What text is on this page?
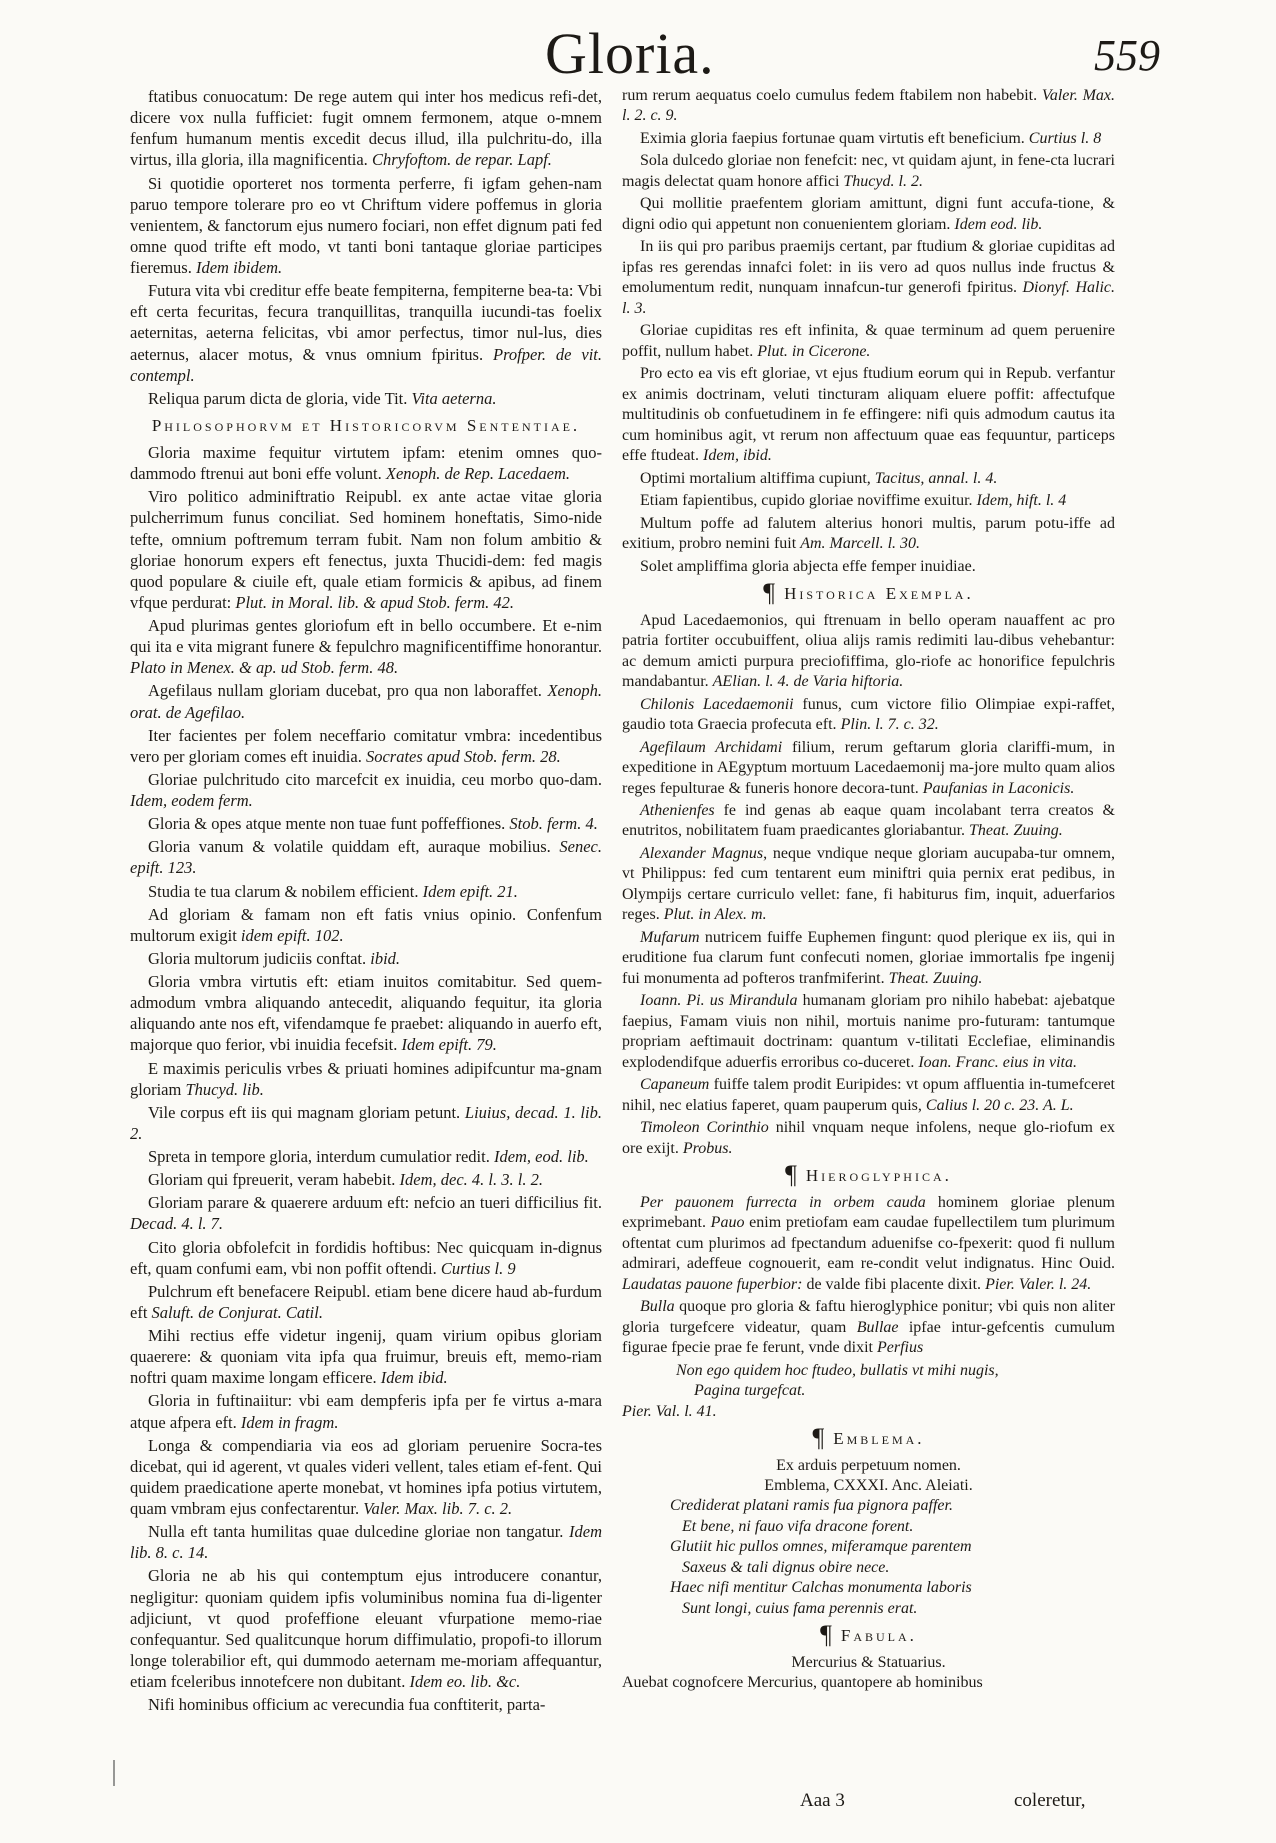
Gloria.	559

ftatibus conuocatum: De rege autem qui inter hos medicus refi-det, dicere vox nulla fufficiet: fugit omnem fermonem, atque o-mnem fenfum humanum mentis excedit decus illud, illa pulchritu-do, illa virtus, illa gloria, illa magnificentia. Chryfoftom. de repar. Lapf.

Si quotidie oporteret nos tormenta perferre, fi igfam gehen-nam paruo tempore tolerare pro eo vt Chriftum videre poffemus in gloria venientem, & fanctorum ejus numero fociari, non effet dignum pati fed omne quod trifte eft modo, vt tanti boni tantaque gloriae participes fieremus. Idem ibidem.

Futura vita vbi creditur effe beate fempiterna, fempiterne bea-ta: Vbi eft certa fecuritas, fecura tranquillitas, tranquilla iucundi-tas foelix aeternitas, aeterna felicitas, vbi amor perfectus, timor nul-lus, dies aeternus, alacer motus, & vnus omnium fpiritus. Profper. de vit. contempl.

Reliqua parum dicta de gloria, vide Tit. Vita aeterna.

Philosophorvm et Historicorvm Sententiae.

Gloria maxime fequitur virtutem ipfam: etenim omnes quo-dammodo ftrenui aut boni effe volunt. Xenoph. de Rep. Lacedaem.

Viro politico adminiftratio Reipubl. ex ante actae vitae gloria pulcherrimum funus conciliat. Sed hominem honeftatis, Simo-nide tefte, omnium poftremum terram fubit. Nam non folum ambitio & gloriae honorum expers eft fenectus, juxta Thucidi-dem: fed magis quod populare & ciuile eft, quale etiam formicis & apibus, ad finem vfque perdurat: Plut. in Moral. lib. & apud Stob. ferm. 42.

Apud plurimas gentes gloriofum eft in bello occumbere. Et e-nim qui ita e vita migrant funere & fepulchro magnificentiffime honorantur. Plato in Menex. & ap. ud Stob. ferm. 48.

Agefilaus nullam gloriam ducebat, pro qua non laboraffet. Xenoph. orat. de Agefilao.

Iter facientes per folem neceffario comitatur vmbra: incedentibus vero per gloriam comes eft inuidia. Socrates apud Stob. ferm. 28.

Gloriae pulchritudo cito marcefcit ex inuidia, ceu morbo quo-dam. Idem, eodem ferm.

Gloria & opes atque mente non tuae funt poffeffiones. Stob. ferm. 4.

Gloria vanum & volatile quiddam eft, auraque mobilius. Senec. epift. 123.

Studia te tua clarum & nobilem efficient. Idem epift. 21.

Ad gloriam & famam non eft fatis vnius opinio. Confenfum multorum exigit idem epift. 102.

Gloria multorum judiciis conftat. ibid.

Gloria vmbra virtutis eft: etiam inuitos comitabitur. Sed quem-admodum vmbra aliquando antecedit, aliquando fequitur, ita gloria aliquando ante nos eft, vifendamque fe praebet: aliquando in auerfo eft, majorque quo ferior, vbi inuidia fecefsit. Idem epift. 79.

E maximis periculis vrbes & priuati homines adipifcuntur ma-gnam gloriam Thucyd. lib.

Vile corpus eft iis qui magnam gloriam petunt. Liuius, decad. 1. lib. 2.

Spreta in tempore gloria, interdum cumulatior redit. Idem, eod. lib.

Gloriam qui fpreuerit, veram habebit. Idem, dec. 4. l. 3. l. 2.

Gloriam parare & quaerere arduum eft: nefcio an tueri difficilius fit. Decad. 4. l. 7.

Cito gloria obfolefcit in fordidis hoftibus: Nec quicquam in-dignus eft, quam confumi eam, vbi non poffit oftendi. Curtius l. 9

Pulchrum eft benefacere Reipubl. etiam bene dicere haud ab-furdum eft Saluft. de Conjurat. Catil.

Mihi rectius effe videtur ingenij, quam virium opibus gloriam quaerere: & quoniam vita ipfa qua fruimur, breuis eft, memo-riam noftri quam maxime longam efficere. Idem ibid.

Gloria in fuftinaiitur: vbi eam dempferis ipfa per fe virtus a-mara atque afpera eft. Idem in fragm.

Longa & compendiaria via eos ad gloriam peruenire Socra-tes dicebat, qui id agerent, vt quales videri vellent, tales etiam ef-fent. Qui quidem praedicatione aperte monebat, vt homines ipfa potius virtutem, quam vmbram ejus confectarentur. Valer. Max. lib. 7. c. 2.

Nulla eft tanta humilitas quae dulcedine gloriae non tangatur. Idem lib. 8. c. 14.

Gloria ne ab his qui contemptum ejus introducere conantur, negligitur: quoniam quidem ipfis voluminibus nomina fua di-ligenter adjiciunt, vt quod profeffione eleuant vfurpatione memo-riae confequantur. Sed qualitcunque horum diffimulatio, propofi-to illorum longe tolerabilior eft, qui dummodo aeternam me-moriam affequantur, etiam fceleribus innotefcere non dubitant. Idem eo. lib. &c.

Nifi hominibus officium ac verecundia fua conftiterit, parta-

rum rerum aequatus coelo cumulus fedem ftabilem non habebit. Valer. Max. l. 2. c. 9.

Eximia gloria faepius fortunae quam virtutis eft beneficium. Curtius l. 8

Sola dulcedo gloriae non fenefcit: nec, vt quidam ajunt, in fene-cta lucrari magis delectat quam honore affici Thucyd. l. 2.

Qui mollitie praefentem gloriam amittunt, digni funt accufa-tione, & digni odio qui appetunt non conuenientem gloriam. Idem eod. lib.

In iis qui pro paribus praemijs certant, par ftudium & gloriae cupiditas ad ipfas res gerendas innafci folet: in iis vero ad quos nullus inde fructus & emolumentum redit, nunquam innafcun-tur generofi fpiritus. Dionyf. Halic. l. 3.

Gloriae cupiditas res eft infinita, & quae terminum ad quem peruenire poffit, nullum habet. Plut. in Cicerone.

Pro ecto ea vis eft gloriae, vt ejus ftudium eorum qui in Repub. verfantur ex animis doctrinam, veluti tincturam aliquam eluere poffit: affectufque multitudinis ob confuetudinem in fe effingere: nifi quis admodum cautus ita cum hominibus agit, vt rerum non affectuum quae eas fequuntur, particeps effe ftudeat. Idem, ibid.

Optimi mortalium altiffima cupiunt, Tacitus, annal. l. 4.

Etiam fapientibus, cupido gloriae noviffime exuitur. Idem, hift. l. 4

Multum poffe ad falutem alterius honori multis, parum potu-iffe ad exitium, probro nemini fuit Am. Marcell. l. 30.

Solet ampliffima gloria abjecta effe femper inuidiae.

¶ Historica Exempla.

Apud Lacedaemonios, qui ftrenuam in bello operam nauaffent ac pro patria fortiter occubuiffent, oliua alijs ramis redimiti lau-dibus vehebantur: ac demum amicti purpura preciofiffima, glo-riofe ac honorifice fepulchris mandabantur. AElian. l. 4. de Varia hiftoria.

Chilonis Lacedaemonii funus, cum victore filio Olimpiae expi-raffet, gaudio tota Graecia profecuta eft. Plin. l. 7. c. 32.

Agefilaum Archidami filium, rerum geftarum gloria clariffi-mum, in expeditione in AEgyptum mortuum Lacedaemonij ma-jore multo quam alios reges fepulturae & funeris honore decora-tunt. Paufanias in Laconicis.

Athenienfes fe ind genas ab eaque quam incolabant terra creatos & enutritos, nobilitatem fuam praedicantes gloriabantur. Theat. Zuuing.

Alexander Magnus, neque vndique neque gloriam aucupaba-tur omnem, vt Philippus: fed cum tentarent eum miniftri quia pernix erat pedibus, in Olympijs certare curriculo vellet: fane, fi habiturus fim, inquit, aduerfarios reges. Plut. in Alex. m.

Mufarum nutricem fuiffe Euphemen fingunt: quod plerique ex iis, qui in eruditione fua clarum funt confecuti nomen, gloriae immortalis fpe ingenij fui monumenta ad pofteros tranfmiferint. Theat. Zuuing.

Ioann. Pi. us Mirandula humanam gloriam pro nihilo habebat: ajebatque faepius, Famam viuis non nihil, mortuis nanime pro-futuram: tantumque propriam aeftimauit doctrinam: quantum v-tilitati Ecclefiae, eliminandis explodendifque aduerfis erroribus co-duceret. Ioan. Franc. eius in vita.

Capaneum fuiffe talem prodit Euripides: vt opum affluentia in-tumefceret nihil, nec elatius faperet, quam pauperum quis, Calius l. 20 c. 23. A. L.

Timoleon Corinthio nihil vnquam neque infolens, neque glo-riofum ex ore exijt. Probus.

¶ Hieroglyphica.

Per pauonem furrecta in orbem cauda hominem gloriae plenum exprimebant. Pauo enim pretiofam eam caudae fupellectilem tum plurimum oftentat cum plurimos ad fpectandum aduenifse co-fpexerit: quod fi nullum admirari, adeffeue cognouerit, eam re-condit velut indignatus. Hinc Ouid. Laudatas pauone fuperbior: de valde fibi placente dixit. Pier. Valer. l. 24.

Bulla quoque pro gloria & faftu hieroglyphice ponitur; vbi quis non aliter gloria turgefcere videatur, quam Bullae ipfae intur-gefcentis cumulum figurae fpecie prae fe ferunt, vnde dixit Perfius

Non ego quidem hoc ftudeo, bullatis vt mihi nugis,
Pagina turgefcat.

Pier. Val. l. 41.

¶ Emblema.
Ex arduis perpetuum nomen.
Emblema, CXXXI. Anc. Aleiati.
Crediderat platani ramis fua pignora paffer.
Et bene, ni fauo vifa dracone forent.
Glutiit hic pullos omnes, miferamque parentem
Saxeus & tali dignus obire nece.
Haec nifi mentitur Calchas monumenta laboris
Sunt longi, cuius fama perennis erat.
¶ Fabula.
Mercurius & Statuarius.

Auebat cognofcere Mercurius, quantopere ab hominibus

Aaa 3	coleretur,
